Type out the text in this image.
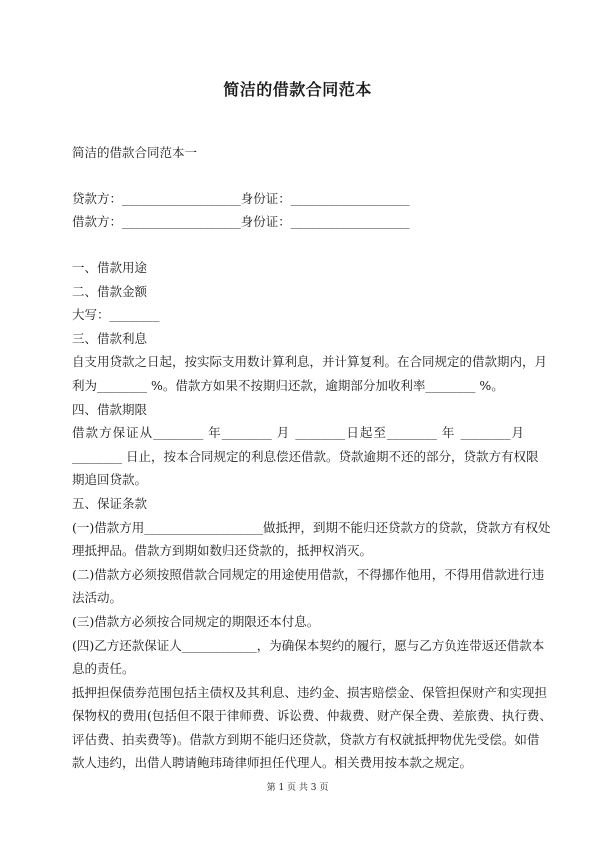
简洁的借款合同范本
简洁的借款合同范本一
贷款方：___________________身份证：___________________
借款方：___________________身份证：___________________
一、借款用途
二、借款金额
大写：________
三、借款利息
自支用贷款之日起，按实际支用数计算利息，并计算复利。在合同规定的借款期内，月
利为________ %。借款方如果不按期归还款，逾期部分加收利率________ %。
四、借款期限
借款方保证从________ 年________ 月 ________日起至________ 年 ________月
________ 日止，按本合同规定的利息偿还借款。贷款逾期不还的部分，贷款方有权限
期追回贷款。
五、保证条款
(一)借款方用___________________做抵押，到期不能归还贷款方的贷款，贷款方有权处
理抵押品。借款方到期如数归还贷款的，抵押权消灭。
(二)借款方必须按照借款合同规定的用途使用借款，不得挪作他用，不得用借款进行违
法活动。
(三)借款方必须按合同规定的期限还本付息。
(四)乙方还款保证人____________，为确保本契约的履行，愿与乙方负连带返还借款本
息的责任。
抵押担保债券范围包括主债权及其利息、违约金、损害赔偿金、保管担保财产和实现担
保物权的费用(包括但不限于律师费、诉讼费、仲裁费、财产保全费、差旅费、执行费、
评估费、拍卖费等)。借款方到期不能归还贷款，贷款方有权就抵押物优先受偿。如借
款人违约，出借人聘请鲍玮琦律师担任代理人。相关费用按本款之规定。
第 1 页 共 3 页
